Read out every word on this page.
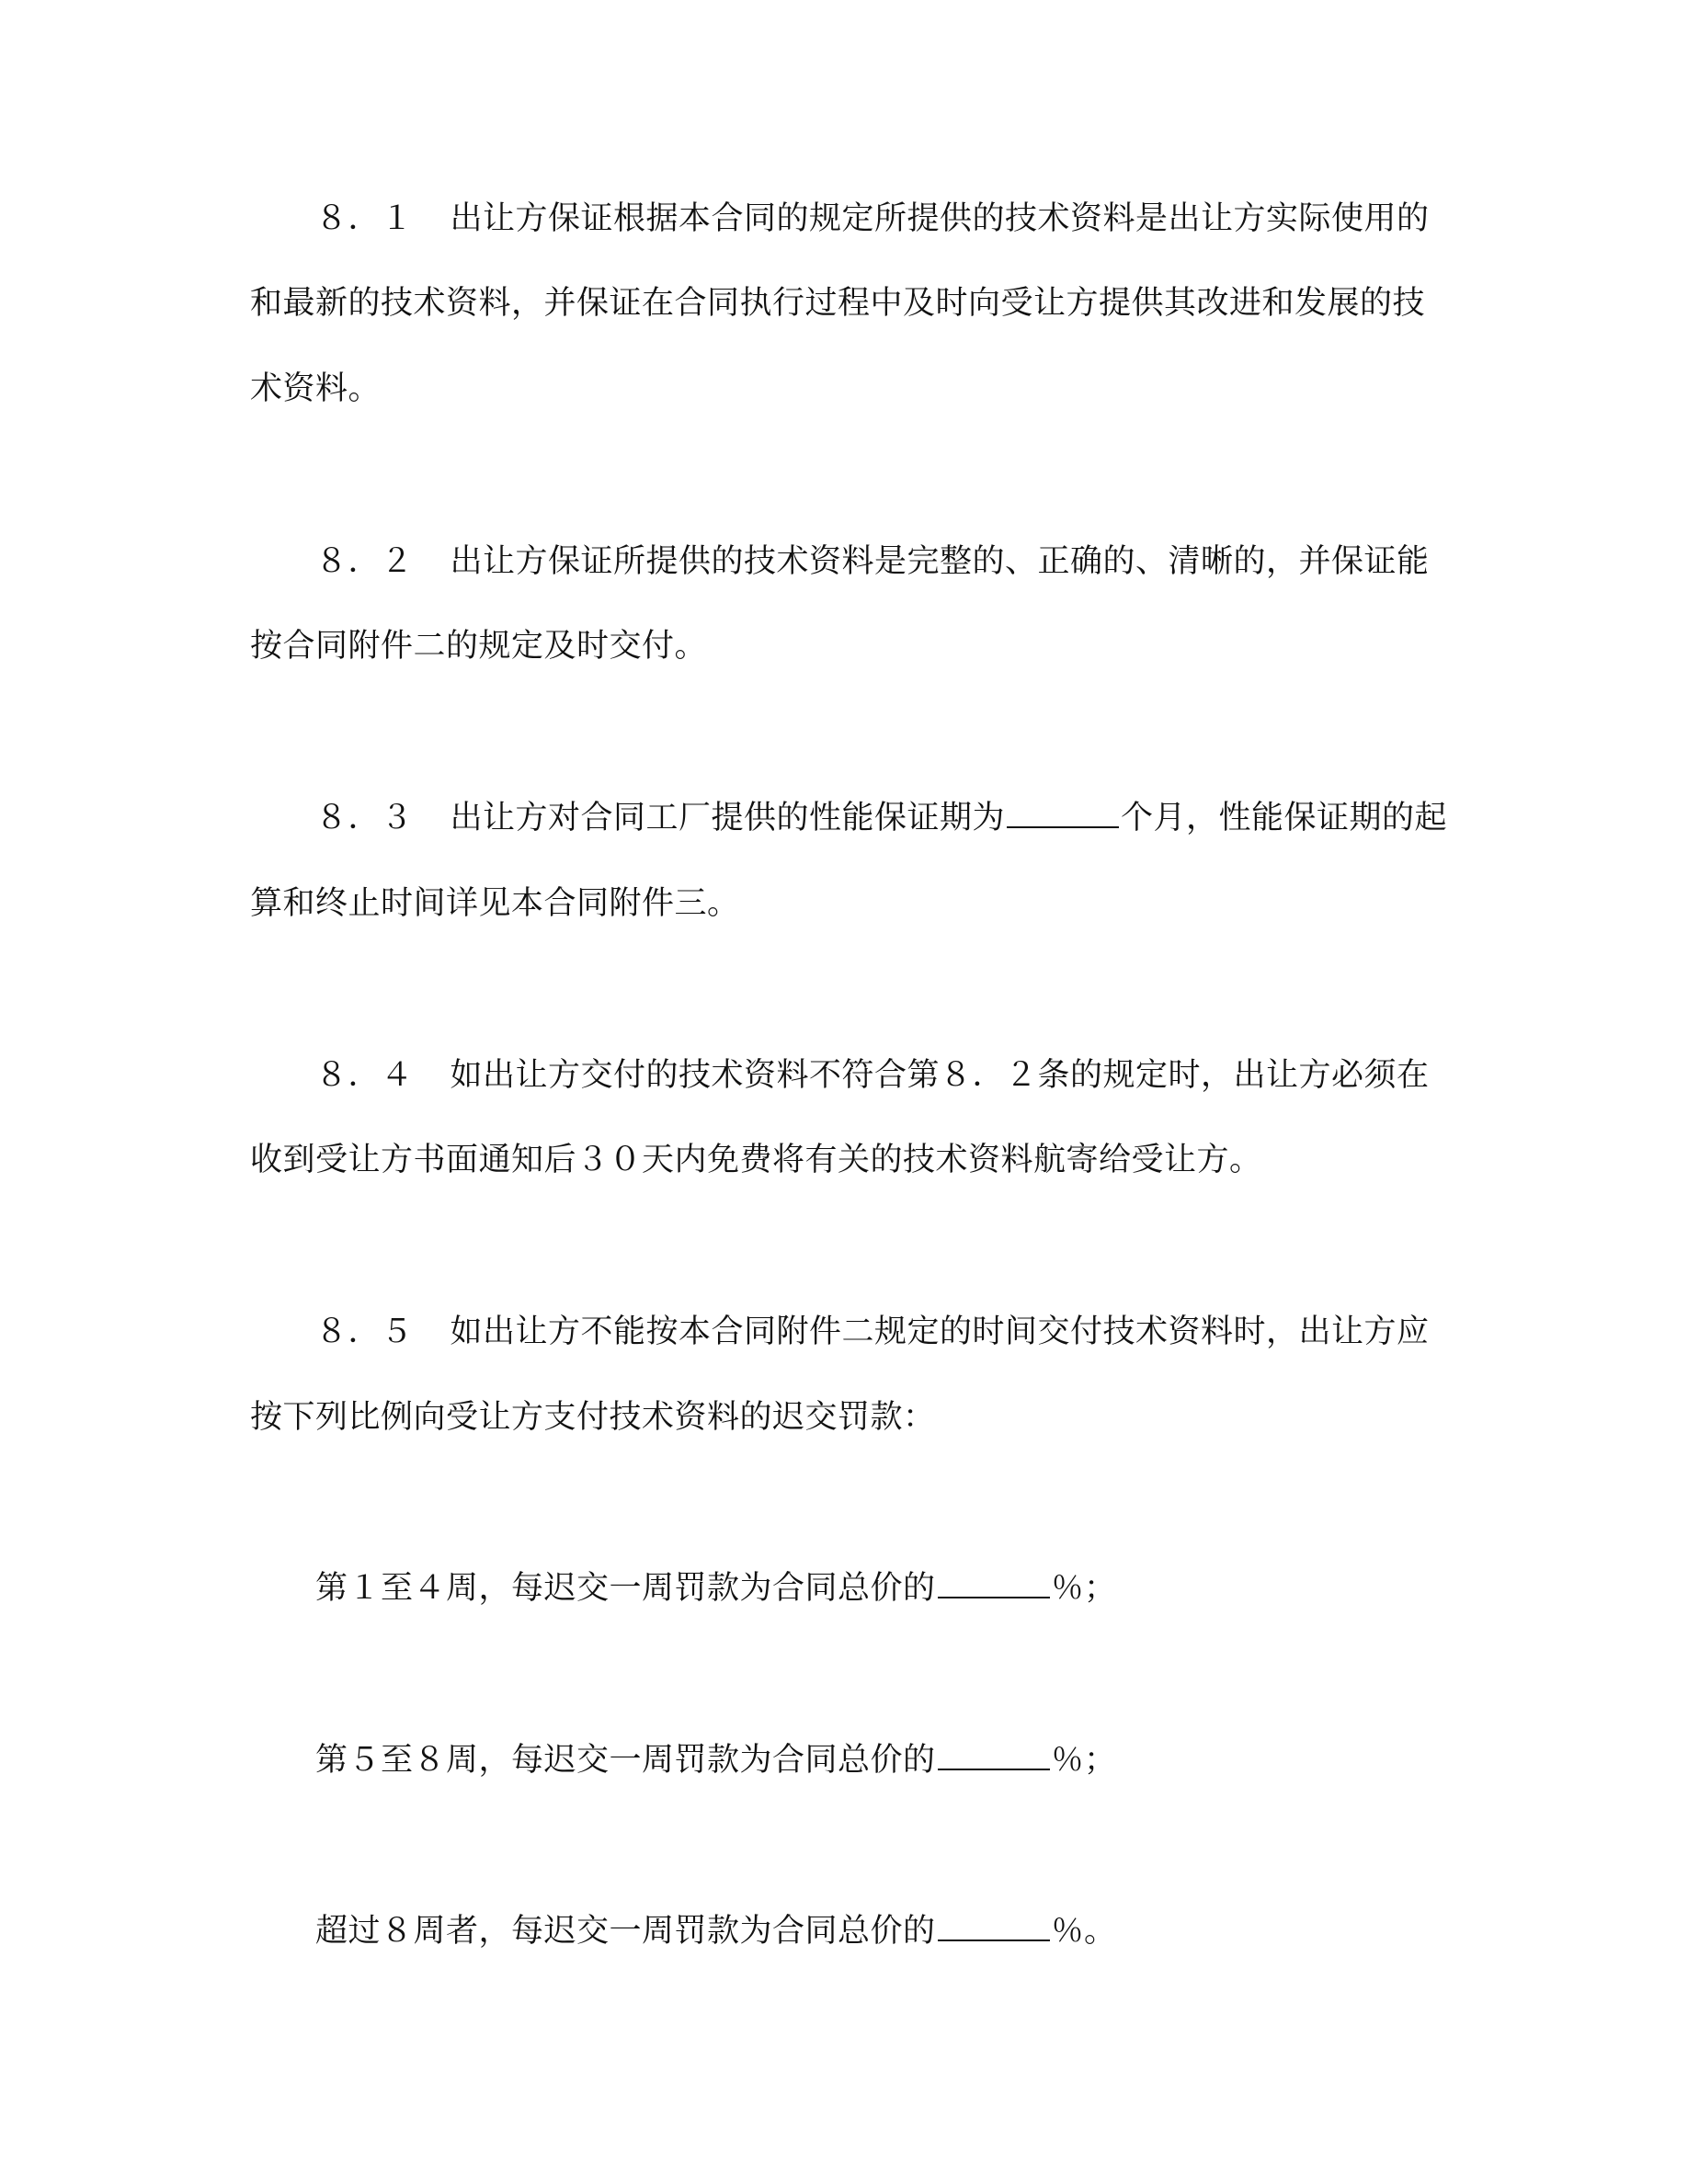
８．１ 出让方保证根据本合同的规定所提供的技术资料是出让方实际使用的
和最新的技术资料，并保证在合同执行过程中及时向受让方提供其改进和发展的技
术资料。
８．２ 出让方保证所提供的技术资料是完整的、正确的、清晰的，并保证能
按合同附件二的规定及时交付。
８．３ 出让方对合同工厂提供的性能保证期为	个月，性能保证期的起
算和终止时间详见本合同附件三。
８．４ 如出让方交付的技术资料不符合第８．２条的规定时，出让方必须在
收到受让方书面通知后３０天内免费将有关的技术资料航寄给受让方。
８．５ 如出让方不能按本合同附件二规定的时间交付技术资料时，出让方应
按下列比例向受让方支付技术资料的迟交罚款：
第１至４周，每迟交一周罚款为合同总价的	％；
第５至８周，每迟交一周罚款为合同总价的	％；
超过８周者，每迟交一周罚款为合同总价的	％。
